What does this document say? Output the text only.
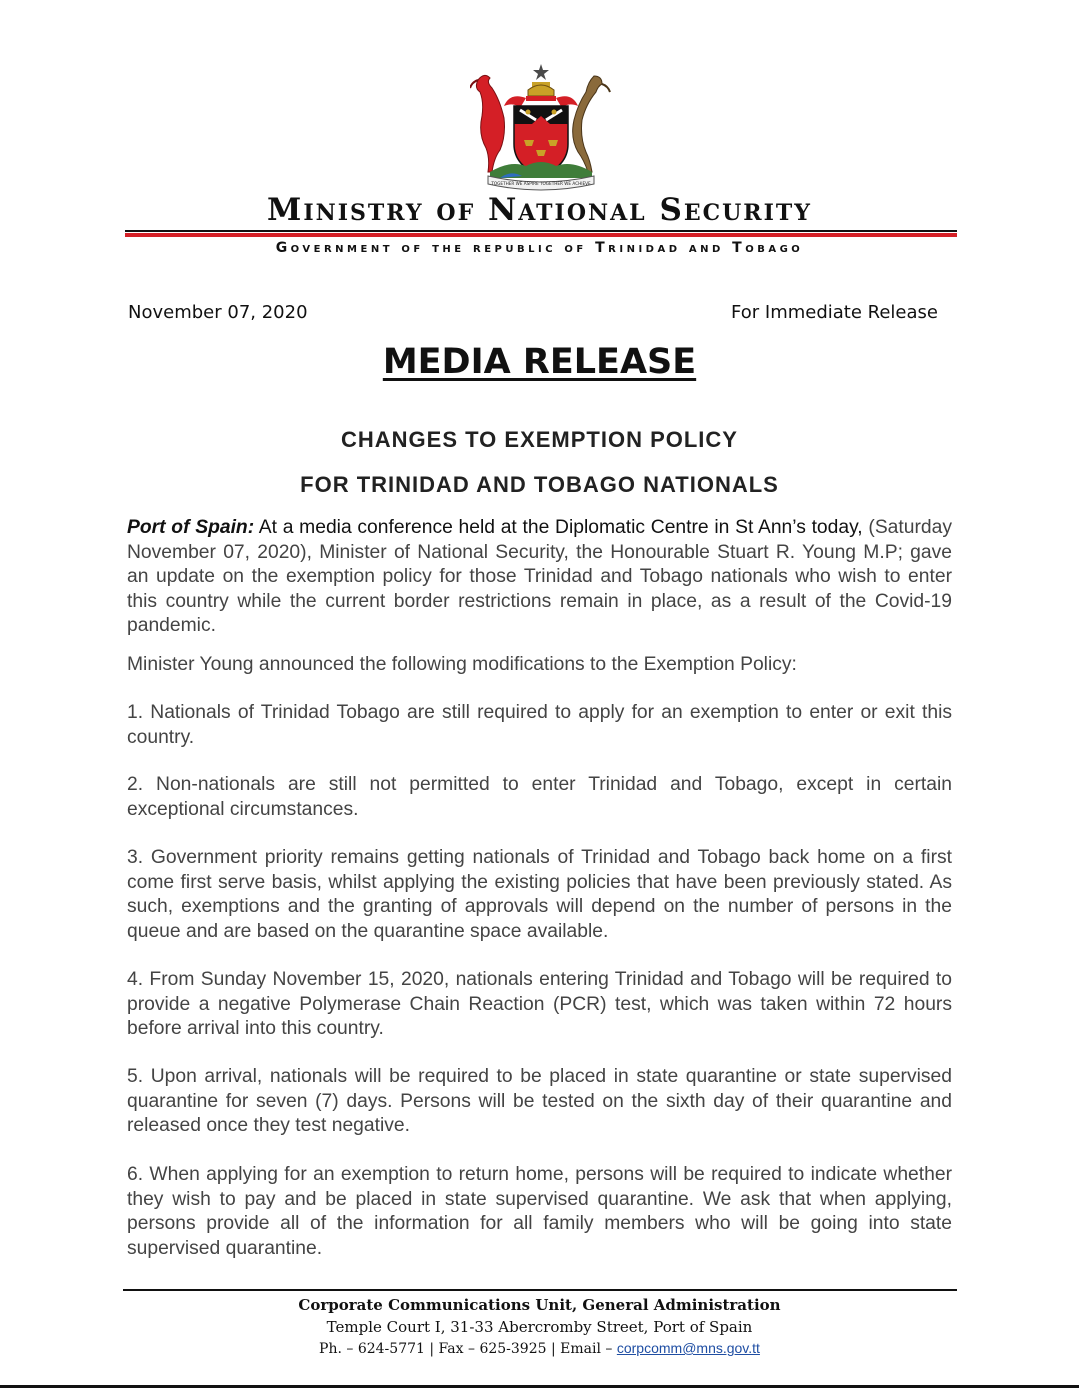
TOGETHER WE ASPIRE TOGETHER WE ACHIEVE
Ministry of National Security
Government of the republic of Trinidad and Tobago
November 07, 2020	For Immediate Release
MEDIA RELEASE
CHANGES TO EXEMPTION POLICY
FOR TRINIDAD AND TOBAGO NATIONALS
Port of Spain: At a media conference held at the Diplomatic Centre in St Ann’s today, (Saturday November 07, 2020), Minister of National Security, the Honourable Stuart R. Young M.P; gave an update on the exemption policy for those Trinidad and Tobago nationals who wish to enter this country while the current border restrictions remain in place, as a result of the Covid-19 pandemic.
Minister Young announced the following modifications to the Exemption Policy:
1. Nationals of Trinidad Tobago are still required to apply for an exemption to enter or exit this country.
2. Non-nationals are still not permitted to enter Trinidad and Tobago, except in certain exceptional circumstances.
3. Government priority remains getting nationals of Trinidad and Tobago back home on a first come first serve basis, whilst applying the existing policies that have been previously stated. As such, exemptions and the granting of approvals will depend on the number of persons in the queue and are based on the quarantine space available.
4. From Sunday November 15, 2020, nationals entering Trinidad and Tobago will be required to provide a negative Polymerase Chain Reaction (PCR) test, which was taken within 72 hours before arrival into this country.
5. Upon arrival, nationals will be required to be placed in state quarantine or state supervised quarantine for seven (7) days. Persons will be tested on the sixth day of their quarantine and released once they test negative.
6. When applying for an exemption to return home, persons will be required to indicate whether they wish to pay and be placed in state supervised quarantine. We ask that when applying, persons provide all of the information for all family members who will be going into state supervised quarantine.
Corporate Communications Unit, General Administration
Temple Court I, 31-33 Abercromby Street, Port of Spain
Ph. – 624-5771 | Fax – 625-3925 | Email – corpcomm@mns.gov.tt
